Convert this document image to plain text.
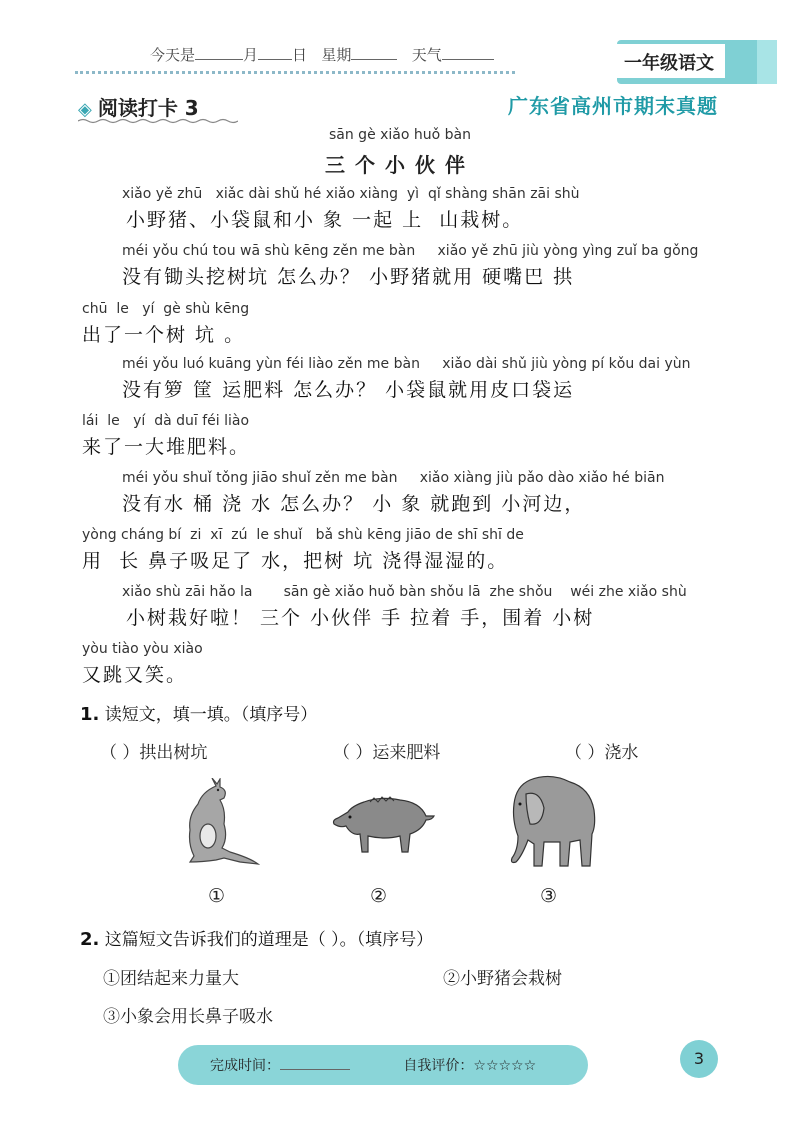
今天是	月 日 星期	天气	一年级语文
◈ 阅读打卡 3	广东省高州市期末真题
sān gè xiǎo huǒ bàn
三个小伙伴
xiǎo yě zhū   xiǎc dài shǔ hé xiǎo xiàng  yì  qǐ shàng shān zāi shù
小野猪、小袋鼠和小 象 一起 上  山栽树。
méi yǒu chú tou wā shù kēng zěn me bàn     xiǎo yě zhū jiù yòng yìng zuǐ ba gǒng
没有锄头挖树坑 怎么办？ 小野猪就用 硬嘴巴 拱
chū  le   yí  gè shù kēng
出了一个树 坑 。
méi yǒu luó kuāng yùn féi liào zěn me bàn     xiǎo dài shǔ jiù yòng pí kǒu dai yùn
没有箩 筐 运肥料 怎么办？ 小袋鼠就用皮口袋运
lái  le   yí  dà duī féi liào
来了一大堆肥料。
méi yǒu shuǐ tǒng jiāo shuǐ zěn me bàn     xiǎo xiàng jiù pǎo dào xiǎo hé biān
没有水 桶 浇 水 怎么办？ 小 象 就跑到 小河边，
yòng cháng bí  zi  xī  zú  le shuǐ   bǎ shù kēng jiāo de shī shī de
用  长 鼻子吸足了 水，把树 坑 浇得湿湿的。
xiǎo shù zāi hǎo la       sān gè xiǎo huǒ bàn shǒu lā  zhe shǒu    wéi zhe xiǎo shù
小树栽好啦！ 三个 小伙伴 手 拉着 手，围着 小树
yòu tiào yòu xiào
又跳又笑。
1. 读短文，填一填。（填序号）
（ ）拱出树坑	（ ）运来肥料	（ ）浇水
①	②	③
2. 这篇短文告诉我们的道理是（ ）。（填序号）
①团结起来力量大	②小野猪会栽树
③小象会用长鼻子吸水
完成时间：	自我评价：☆☆☆☆☆	3
